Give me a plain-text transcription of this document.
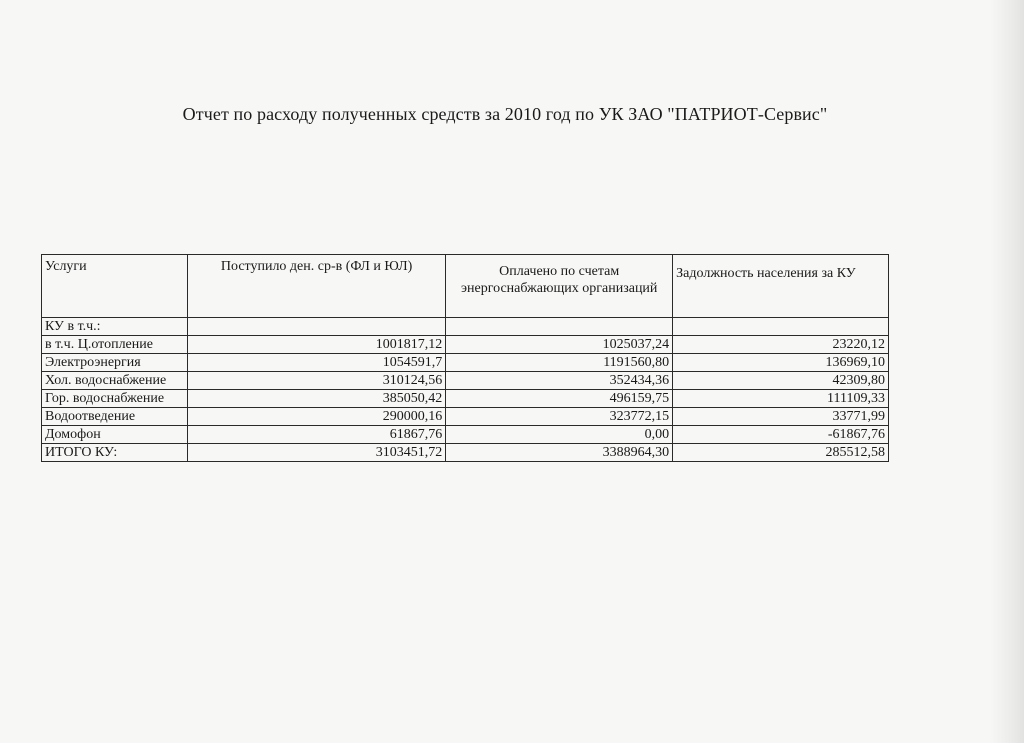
Отчет по расходу полученных средств за 2010 год по УК ЗАО "ПАТРИОТ-Сервис"
Услуги	Поступило ден. ср-в (ФЛ и ЮЛ)	Оплачено по счетам энергоснабжающих организаций	Задолжность населения за КУ
КУ в т.ч.:			
в т.ч. Ц.отопление	1001817,12	1025037,24	23220,12
Электроэнергия	1054591,7	1191560,80	136969,10
Хол. водоснабжение	310124,56	352434,36	42309,80
Гор. водоснабжение	385050,42	496159,75	111109,33
Водоотведение	290000,16	323772,15	33771,99
Домофон	61867,76	0,00	-61867,76
ИТОГО КУ:	3103451,72	3388964,30	285512,58
